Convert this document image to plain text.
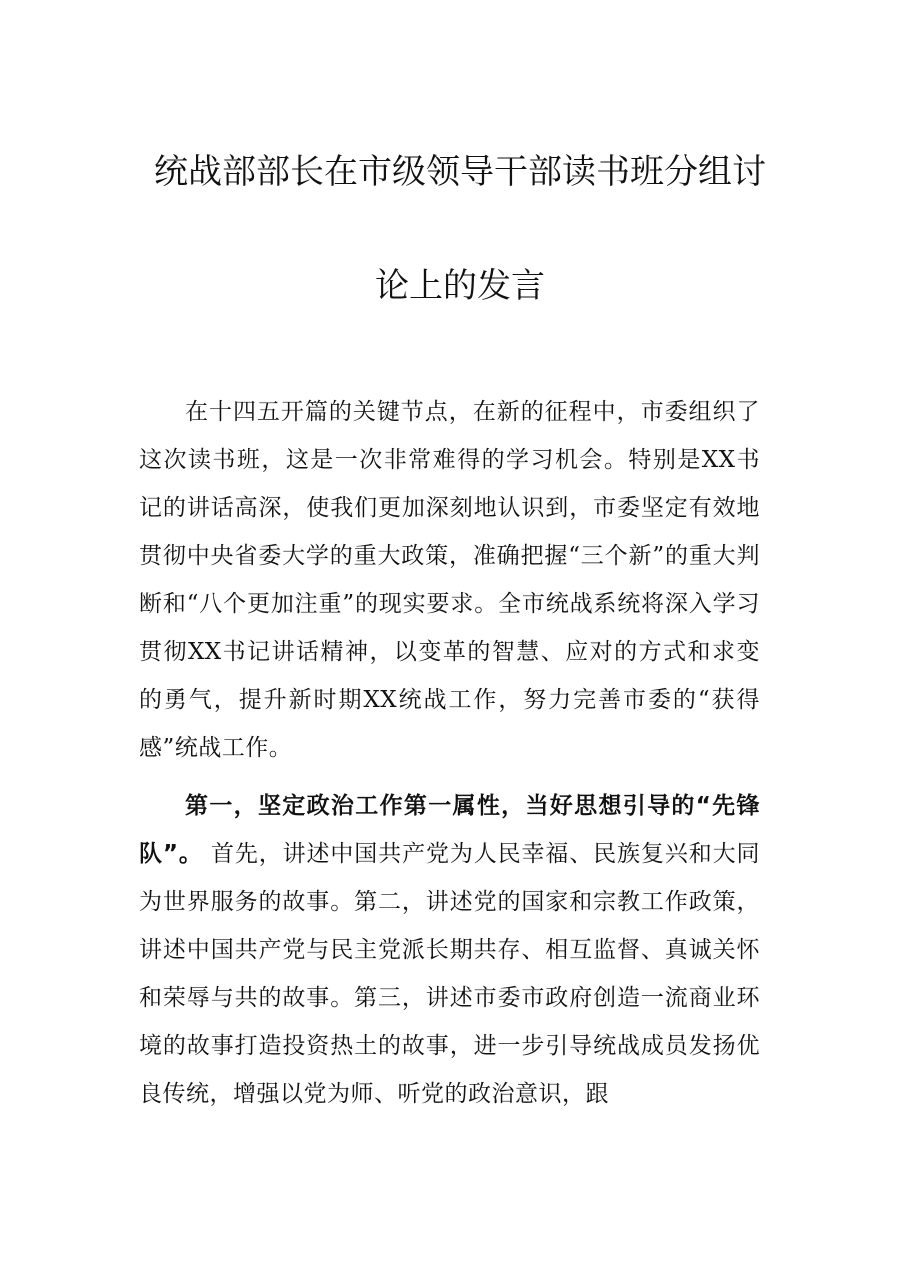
统战部部长在市级领导干部读书班分组讨
论上的发言
在十四五开篇的关键节点，在新的征程中，市委组织了这次读书班，这是一次非常难得的学习机会。特别是XX书记的讲话高深，使我们更加深刻地认识到，市委坚定有效地贯彻中央省委大学的重大政策，准确把握“三个新”的重大判断和“八个更加注重”的现实要求。全市统战系统将深入学习贯彻XX书记讲话精神，以变革的智慧、应对的方式和求变的勇气，提升新时期XX统战工作，努力完善市委的“获得感”统战工作。
第一，坚定政治工作第一属性，当好思想引导的“先锋队”。 首先，讲述中国共产党为人民幸福、民族复兴和大同为世界服务的故事。第二，讲述党的国家和宗教工作政策，讲述中国共产党与民主党派长期共存、相互监督、真诚关怀和荣辱与共的故事。第三，讲述市委市政府创造一流商业环境的故事打造投资热土的故事，进一步引导统战成员发扬优良传统，增强以党为师、听党的政治意识，跟
